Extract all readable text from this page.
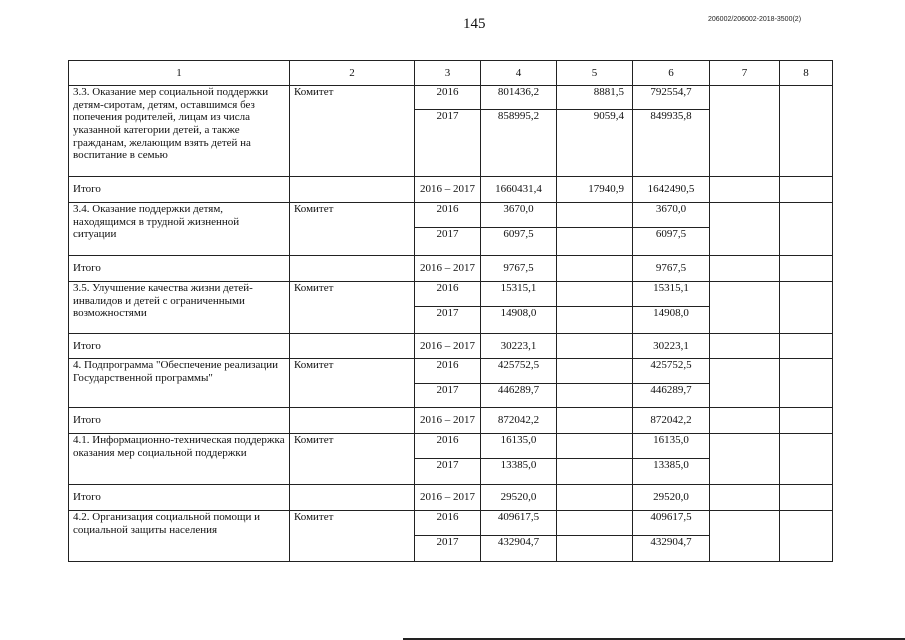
145	206002/206002-2018-3500(2)
1	2	3	4	5	6	7	8
3.3. Оказание мер социальной поддержки детям-сиротам, детям, оставшимся без попечения родителей, лицам из числа указанной категории детей, а также гражданам, желающим взять детей на воспитание в семью	Комитет	2016	801436,2	8881,5	792554,7		
		2017	858995,2	9059,4	849935,8		
Итого		2016 – 2017	1660431,4	17940,9	1642490,5		
3.4. Оказание поддержки детям, находящимся в трудной жизненной ситуации	Комитет	2016	3670,0		3670,0		
		2017	6097,5		6097,5		
Итого		2016 – 2017	9767,5		9767,5		
3.5. Улучшение качества жизни детей-инвалидов и детей с ограниченными возможностями	Комитет	2016	15315,1		15315,1		
		2017	14908,0		14908,0		
Итого		2016 – 2017	30223,1		30223,1		
4. Подпрограмма "Обеспечение реализации Государственной программы"	Комитет	2016	425752,5		425752,5		
		2017	446289,7		446289,7		
Итого		2016 – 2017	872042,2		872042,2		
4.1. Информационно-техническая поддержка оказания мер социальной поддержки	Комитет	2016	16135,0		16135,0		
		2017	13385,0		13385,0		
Итого		2016 – 2017	29520,0		29520,0		
4.2. Организация социальной помощи и социальной защиты населения	Комитет	2016	409617,5		409617,5		
		2017	432904,7		432904,7		
